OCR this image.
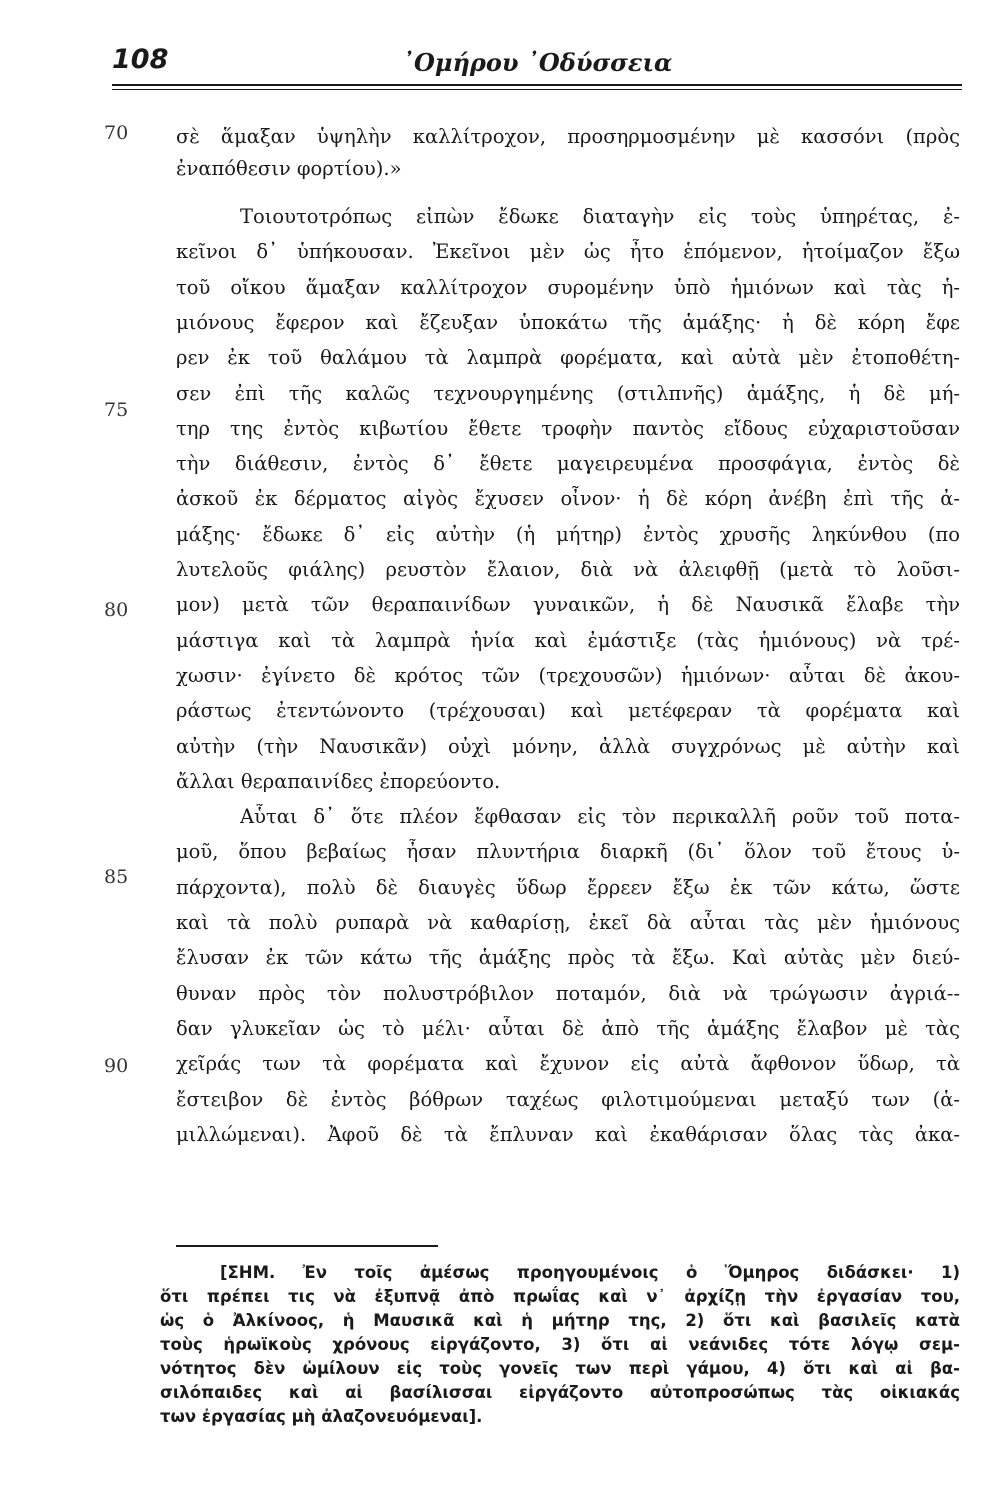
108	᾿Ομήρου ᾿Οδύσσεια
70
75
80
85
90
σὲ ἅμαξαν ὑψηλὴν καλλίτροχον, προσηρμοσμένην μὲ κασσόνι (πρὸς
ἐναπόθεσιν φορτίου).»
Τοιουτοτρόπως εἰπὼν ἔδωκε διαταγὴν εἰς τοὺς ὑπηρέτας, ἐ-
κεῖνοι δ᾿ ὑπήκουσαν. Ἐκεῖνοι μὲν ὡς ἦτο ἑπόμενον, ἡτοίμαζον ἔξω
τοῦ οἴκου ἅμαξαν καλλίτροχον συρομένην ὑπὸ ἡμιόνων καὶ τὰς ἡ-
μιόνους ἔφερον καὶ ἔζευξαν ὑποκάτω τῆς ἁμάξης· ἡ δὲ κόρη ἔφε
ρεν ἐκ τοῦ θαλάμου τὰ λαμπρὰ φορέματα, καὶ αὐτὰ μὲν ἐτοποθέτη-
σεν ἐπὶ τῆς καλῶς τεχνουργημένης (στιλπνῆς) ἁμάξης, ἡ δὲ μή-
τηρ της ἐντὸς κιβωτίου ἔθετε τροφὴν παντὸς εἴδους εὐχαριστοῦσαν
τὴν διάθεσιν, ἐντὸς δ᾿ ἔθετε μαγειρευμένα προσφάγια, ἐντὸς δὲ
ἀσκοῦ ἐκ δέρματος αἰγὸς ἔχυσεν οἶνον· ἡ δὲ κόρη ἀνέβη ἐπὶ τῆς ἀ-
μάξης· ἔδωκε δ᾿ εἰς αὐτὴν (ἡ μήτηρ) ἐντὸς χρυσῆς ληκύνθου (πο
λυτελοῦς φιάλης) ρευστὸν ἔλαιον, διὰ νὰ ἀλειφθῇ (μετὰ τὸ λοῦσι-
μον) μετὰ τῶν θεραπαινίδων γυναικῶν, ἡ δὲ Ναυσικᾶ ἔλαβε τὴν
μάστιγα καὶ τὰ λαμπρὰ ἡνία καὶ ἐμάστιξε (τὰς ἡμιόνους) νὰ τρέ-
χωσιν· ἐγίνετο δὲ κρότος τῶν (τρεχουσῶν) ἡμιόνων· αὗται δὲ ἀκου-
ράστως ἐτεντώνοντο (τρέχουσαι) καὶ μετέφεραν τὰ φορέματα καὶ
αὐτὴν (τὴν Ναυσικᾶν) οὐχὶ μόνην, ἀλλὰ συγχρόνως μὲ αὐτὴν καὶ
ἄλλαι θεραπαινίδες ἐπορεύοντο.
Αὗται δ᾿ ὅτε πλέον ἔφθασαν εἰς τὸν περικαλλῆ ροῦν τοῦ ποτα-
μοῦ, ὅπου βεβαίως ἦσαν πλυντήρια διαρκῆ (δι᾿ ὅλον τοῦ ἔτους ὑ-
πάρχοντα), πολὺ δὲ διαυγὲς ὕδωρ ἔρρεεν ἔξω ἐκ τῶν κάτω, ὥστε
καὶ τὰ πολὺ ρυπαρὰ νὰ καθαρίσῃ, ἐκεῖ δὰ αὗται τὰς μὲν ἡμιόνους
ἔλυσαν ἐκ τῶν κάτω τῆς ἁμάξης πρὸς τὰ ἔξω. Καὶ αὐτὰς μὲν διεύ-
θυναν πρὸς τὸν πολυστρόβιλον ποταμόν, διὰ νὰ τρώγωσιν ἀγριά--
δαν γλυκεῖαν ὡς τὸ μέλι· αὗται δὲ ἀπὸ τῆς ἁμάξης ἔλαβον μὲ τὰς
χεῖράς των τὰ φορέματα καὶ ἔχυνον εἰς αὐτὰ ἄφθονον ὕδωρ, τὰ
ἔστειβον δὲ ἐντὸς βόθρων ταχέως φιλοτιμούμεναι μεταξύ των (ἁ-
μιλλώμεναι). Ἀφοῦ δὲ τὰ ἔπλυναν καὶ ἐκαθάρισαν ὅλας τὰς ἀκα-
[ΣΗΜ. Ἐν τοῖς ἀμέσως προηγουμένοις ὁ Ὅμηρος διδάσκει· 1)
ὅτι πρέπει τις νὰ ἐξυπνᾷ ἀπὸ πρωΐας καὶ ν᾿ ἀρχίζῃ τὴν ἐργασίαν του,
ὡς ὁ Ἀλκίνοος, ἡ Μαυσικᾶ καὶ ἡ μήτηρ της, 2) ὅτι καὶ βασιλεῖς κατὰ
τοὺς ἡρωϊκοὺς χρόνους εἰργάζοντο, 3) ὅτι αἱ νεάνιδες τότε λόγῳ σεμ-
νότητος δὲν ὡμίλουν εἰς τοὺς γονεῖς των περὶ γάμου, 4) ὅτι καὶ αἱ βα-
σιλόπαιδες καὶ αἱ βασίλισσαι εἰργάζοντο αὐτοπροσώπως τὰς οἰκιακάς
των ἐργασίας μὴ ἀλαζονευόμεναι].
